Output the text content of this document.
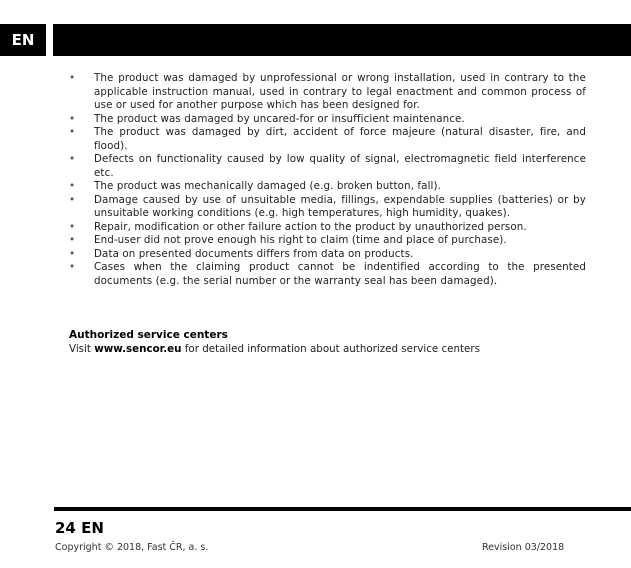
EN
•	The product was damaged by unprofessional or wrong installation, used in contrary to the applicable instruction manual, used in contrary to legal enactment and common process of use or used for another purpose which has been designed for.
•	The product was damaged by uncared-for or insufficient maintenance.
•	The product was damaged by dirt, accident of force majeure (natural disaster, fire, and flood).
•	Defects on functionality caused by low quality of signal, electromagnetic field interference etc.
•	The product was mechanically damaged (e.g. broken button, fall).
•	Damage caused by use of unsuitable media, fillings, expendable supplies (batteries) or by unsuitable working conditions (e.g. high temperatures, high humidity, quakes).
•	Repair, modification or other failure action to the product by unauthorized person.
•	End-user did not prove enough his right to claim (time and place of purchase).
•	Data on presented documents differs from data on products.
•	Cases when the claiming product cannot be indentified according to the presented documents (e.g. the serial number or the warranty seal has been damaged).
Authorized service centers
Visit www.sencor.eu for detailed information about authorized service centers
24 EN
Copyright © 2018, Fast ČR, a. s.	Revision 03/2018
